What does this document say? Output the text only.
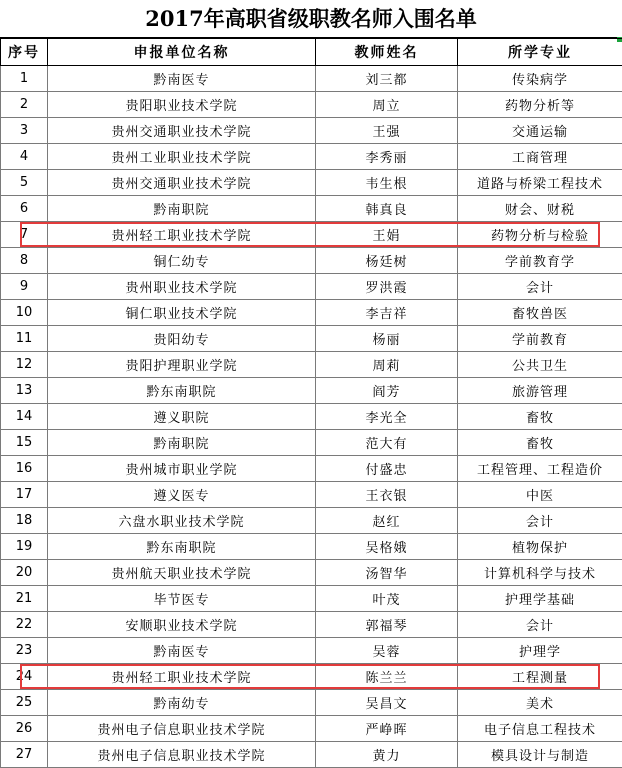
2017年高职省级职教名师入围名单
序号	申报单位名称	教师姓名	所学专业
1	黔南医专	刘三都	传染病学
2	贵阳职业技术学院	周立	药物分析等
3	贵州交通职业技术学院	王强	交通运输
4	贵州工业职业技术学院	李秀丽	工商管理
5	贵州交通职业技术学院	韦生根	道路与桥梁工程技术
6	黔南职院	韩真良	财会、财税
7	贵州轻工职业技术学院	王娟	药物分析与检验
8	铜仁幼专	杨廷树	学前教育学
9	贵州职业技术学院	罗洪霞	会计
10	铜仁职业技术学院	李吉祥	畜牧兽医
11	贵阳幼专	杨丽	学前教育
12	贵阳护理职业学院	周莉	公共卫生
13	黔东南职院	阎芳	旅游管理
14	遵义职院	李光全	畜牧
15	黔南职院	范大有	畜牧
16	贵州城市职业学院	付盛忠	工程管理、工程造价
17	遵义医专	王衣银	中医
18	六盘水职业技术学院	赵红	会计
19	黔东南职院	吴格娥	植物保护
20	贵州航天职业技术学院	汤智华	计算机科学与技术
21	毕节医专	叶茂	护理学基础
22	安顺职业技术学院	郭福琴	会计
23	黔南医专	吴蓉	护理学
24	贵州轻工职业技术学院	陈兰兰	工程测量
25	黔南幼专	吴昌文	美术
26	贵州电子信息职业技术学院	严峥晖	电子信息工程技术
27	贵州电子信息职业技术学院	黄力	模具设计与制造
